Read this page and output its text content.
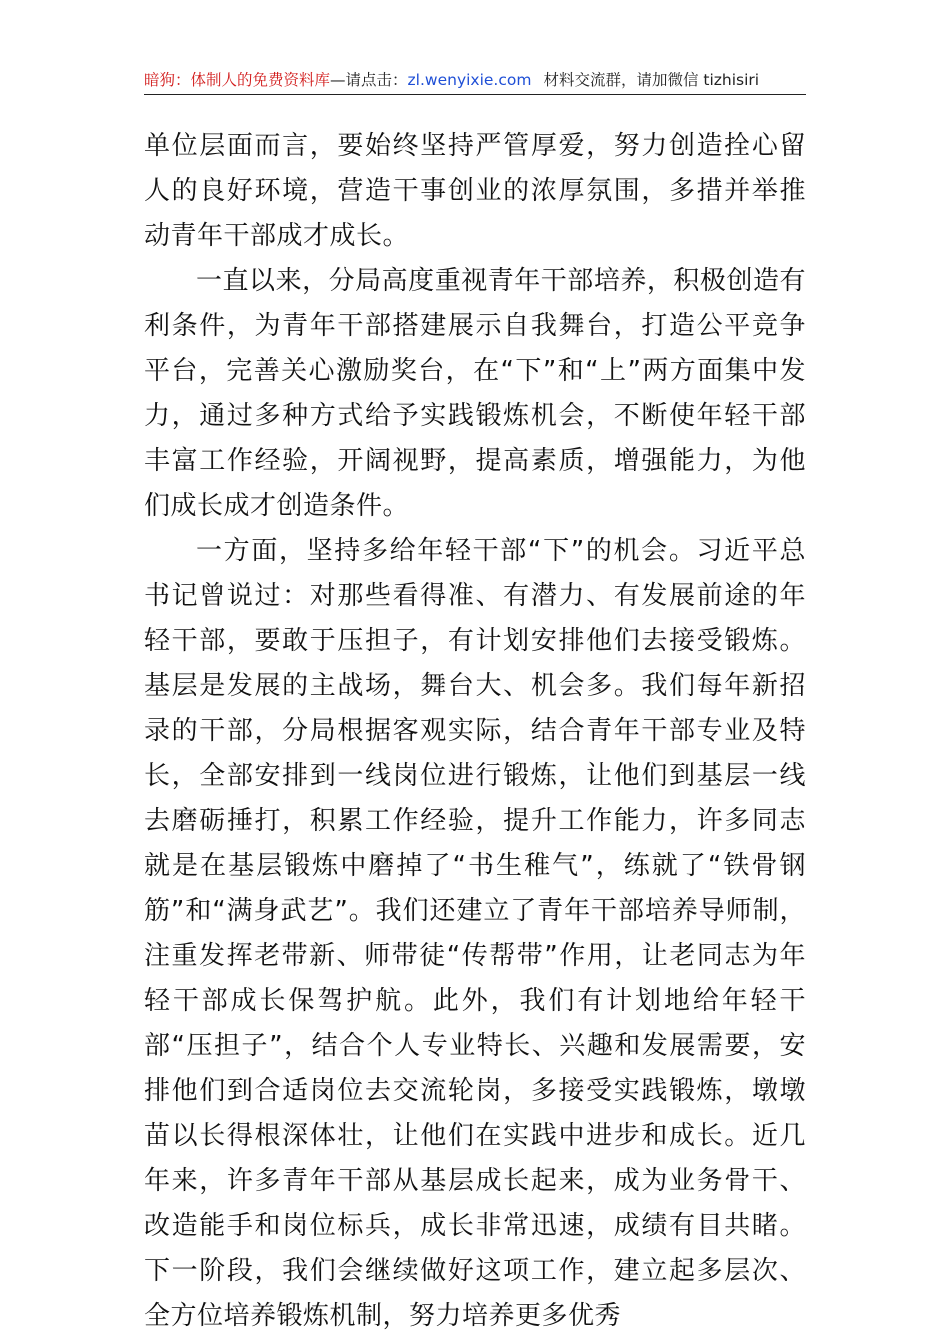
暗狗：体制人的免费资料库—请点击：zl.wenyixie.com 材料交流群，请加微信 tizhisiri

单位层面而言，要始终坚持严管厚爱，努力创造拴心留人的良好环境，营造干事创业的浓厚氛围，多措并举推动青年干部成才成长。

一直以来，分局高度重视青年干部培养，积极创造有利条件，为青年干部搭建展示自我舞台，打造公平竞争平台，完善关心激励奖台，在“下”和“上”两方面集中发力，通过多种方式给予实践锻炼机会，不断使年轻干部丰富工作经验，开阔视野，提高素质，增强能力，为他们成长成才创造条件。

一方面，坚持多给年轻干部“下”的机会。习近平总书记曾说过：对那些看得准、有潜力、有发展前途的年轻干部，要敢于压担子，有计划安排他们去接受锻炼。基层是发展的主战场，舞台大、机会多。我们每年新招录的干部，分局根据客观实际，结合青年干部专业及特长，全部安排到一线岗位进行锻炼，让他们到基层一线去磨砺捶打，积累工作经验，提升工作能力，许多同志就是在基层锻炼中磨掉了“书生稚气”，练就了“铁骨钢筋”和“满身武艺”。我们还建立了青年干部培养导师制，注重发挥老带新、师带徒“传帮带”作用，让老同志为年轻干部成长保驾护航。此外，我们有计划地给年轻干部“压担子”，结合个人专业特长、兴趣和发展需要，安排他们到合适岗位去交流轮岗，多接受实践锻炼，墩墩苗以长得根深体壮，让他们在实践中进步和成长。近几年来，许多青年干部从基层成长起来，成为业务骨干、改造能手和岗位标兵，成长非常迅速，成绩有目共睹。下一阶段，我们会继续做好这项工作，建立起多层次、全方位培养锻炼机制，努力培养更多优秀
